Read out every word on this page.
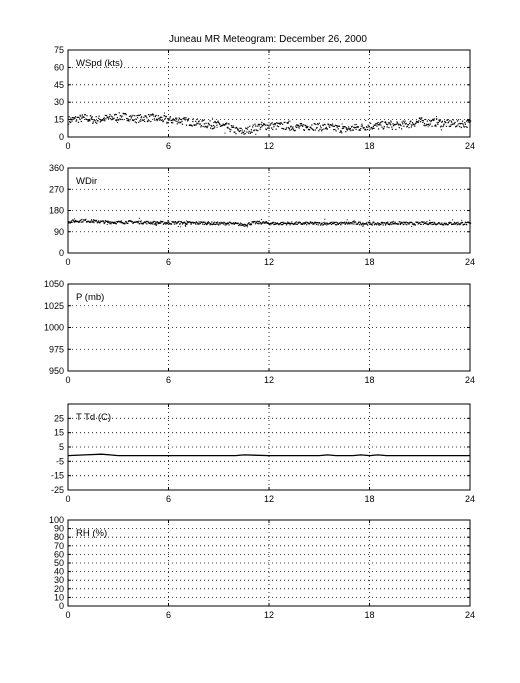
Juneau MR Meteogram: December 26, 2000
0	6	12	18	24
0
15
30
45
60
75
WSpd (kts)
0	6	12	18	24
0
90
180
270
360
WDir
0	6	12	18	24
950
975
1000
1025
1050
P (mb)
0	6	12	18	24
-25
-15
-5
5
15
25 T Td (C)
0	6	12	18	24
0
10
20
30
40
50
60
70
80
90
100
RH (%)
